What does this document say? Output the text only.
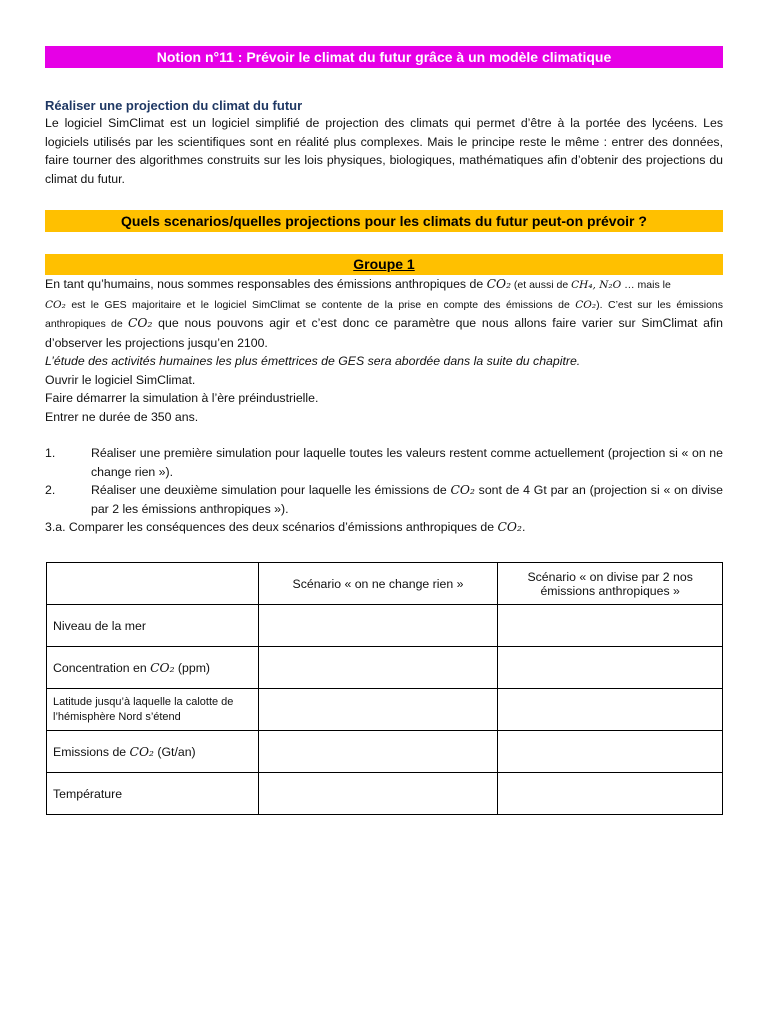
Notion n°11 : Prévoir le climat du futur grâce à un modèle climatique
Réaliser une projection du climat du futur

Le logiciel SimClimat est un logiciel simplifié de projection des climats qui permet d’être à la portée des lycéens. Les logiciels utilisés par les scientifiques sont en réalité plus complexes. Mais le principe reste le même : entrer des données, faire tourner des algorithmes construits sur les lois physiques, biologiques, mathématiques afin d’obtenir des projections du climat du futur.

Quels scenarios/quelles projections pour les climats du futur peut-on prévoir ?
Groupe 1

En tant qu’humains, nous sommes responsables des émissions anthropiques de CO₂ (et aussi de CH₄, N₂O … mais le
CO₂ est le GES majoritaire et le logiciel SimClimat se contente de la prise en compte des émissions de CO₂). C’est sur les émissions anthropiques de CO₂ que nous pouvons agir et c’est donc ce paramètre que nous allons faire varier sur SimClimat afin d’observer les projections jusqu’en 2100.

L’étude des activités humaines les plus émettrices de GES sera abordée dans la suite du chapitre.

Ouvrir le logiciel SimClimat.

Faire démarrer la simulation à l’ère préindustrielle.

Entrer ne durée de 350 ans.

1.	Réaliser une première simulation pour laquelle toutes les valeurs restent comme actuellement (projection si « on ne change rien »).

2.	Réaliser une deuxième simulation pour laquelle les émissions de CO₂ sont de 4 Gt par an (projection si « on divise par 2 les émissions anthropiques »).

3.a. Comparer les conséquences des deux scénarios d’émissions anthropiques de CO₂.

	Scénario « on ne change rien »	Scénario « on divise par 2 nos émissions anthropiques »
Niveau de la mer		
Concentration en CO₂ (ppm)		
Latitude jusqu’à laquelle la calotte de l’hémisphère Nord s’étend		
Emissions de CO₂ (Gt/an)		
Température		
